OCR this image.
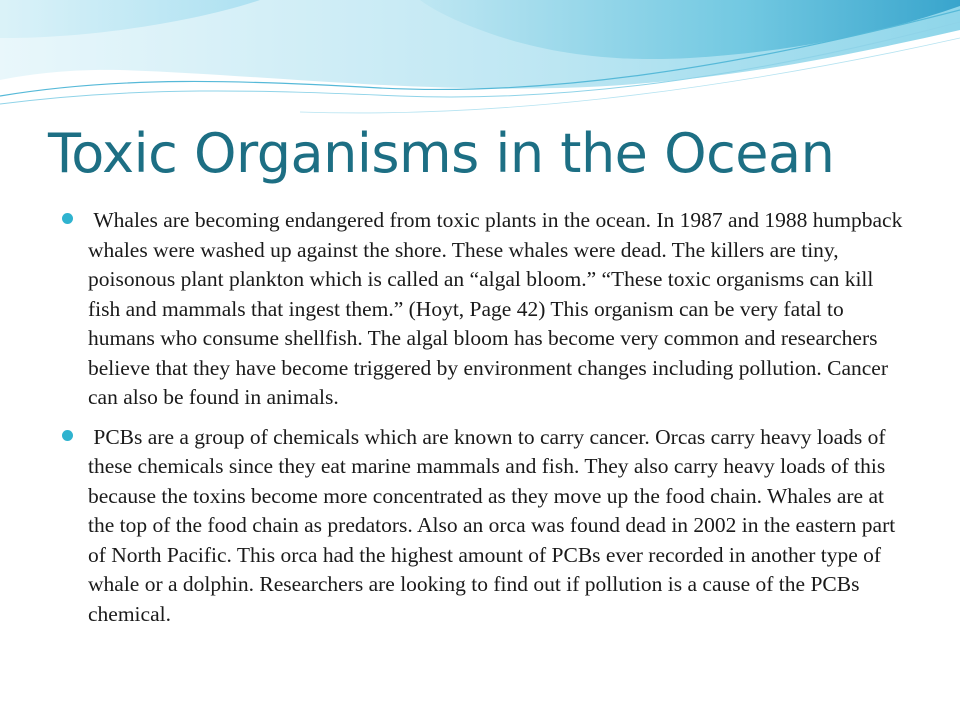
Toxic Organisms in the Ocean
Whales are becoming endangered from toxic plants in the ocean. In 1987 and 1988 humpback whales were washed up against the shore. These whales were dead. The killers are tiny, poisonous plant plankton which is called an “algal bloom.” “These toxic organisms can kill fish and mammals that ingest them.” (Hoyt, Page 42) This organism can be very fatal to humans who consume shellfish. The algal bloom has become very common and researchers believe that they have become triggered by environment changes including pollution. Cancer can also be found in animals.
PCBs are a group of chemicals which are known to carry cancer. Orcas carry heavy loads of these chemicals since they eat marine mammals and fish. They also carry heavy loads of this because the toxins become more concentrated as they move up the food chain. Whales are at the top of the food chain as predators. Also an orca was found dead in 2002 in the eastern part of North Pacific. This orca had the highest amount of PCBs ever recorded in another type of whale or a dolphin. Researchers are looking to find out if pollution is a cause of the PCBs chemical.
